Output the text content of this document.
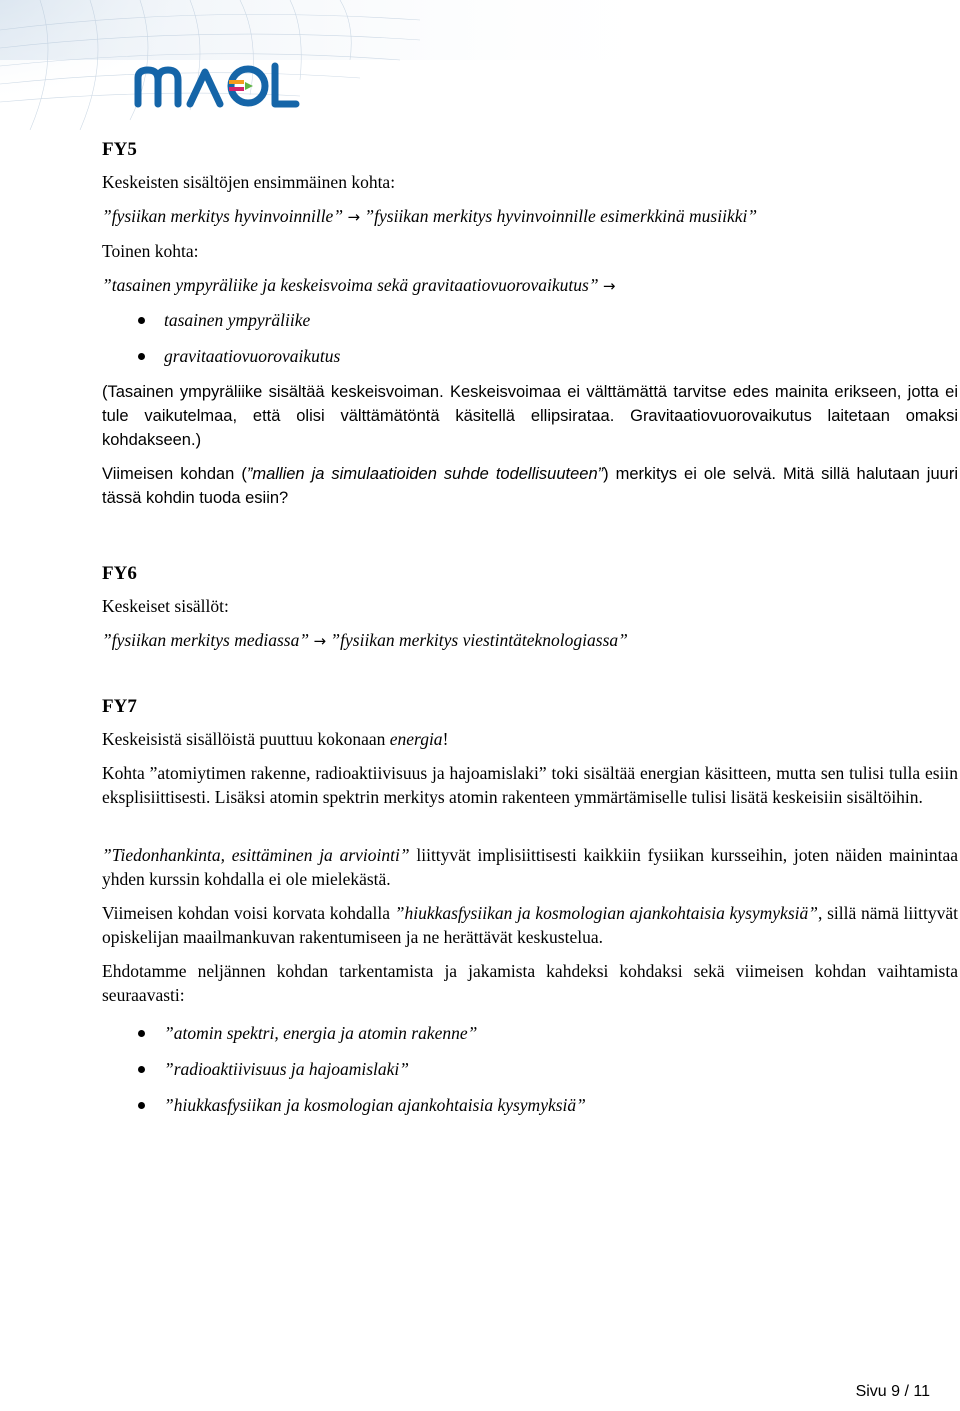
MAOL
FY5

Keskeisten sisältöjen ensimmäinen kohta:

”fysiikan merkitys hyvinvoinnille” → ”fysiikan merkitys hyvinvoinnille esimerkkinä musiikki”

Toinen kohta:

”tasainen ympyräliike ja keskeisvoima sekä gravitaatiovuorovaikutus” →

tasainen ympyräliike
gravitaatiovuorovaikutus

(Tasainen ympyräliike sisältää keskeisvoiman. Keskeisvoimaa ei välttämättä tarvitse edes mainita erikseen, jotta ei tule vaikutelmaa, että olisi välttämätöntä käsitellä ellipsirataa. Gravitaatiovuorovaikutus laitetaan omaksi kohdakseen.)

Viimeisen kohdan (”mallien ja simulaatioiden suhde todellisuuteen”) merkitys ei ole selvä. Mitä sillä halutaan juuri tässä kohdin tuoda esiin?

FY6

Keskeiset sisällöt:

”fysiikan merkitys mediassa” → ”fysiikan merkitys viestintäteknologiassa”

FY7

Keskeisistä sisällöistä puuttuu kokonaan energia!

Kohta ”atomiytimen rakenne, radioaktiivisuus ja hajoamislaki” toki sisältää energian käsitteen, mutta sen tulisi tulla esiin eksplisiittisesti. Lisäksi atomin spektrin merkitys atomin rakenteen ymmärtämiselle tulisi lisätä keskeisiin sisältöihin.

”Tiedonhankinta, esittäminen ja arviointi” liittyvät implisiittisesti kaikkiin fysiikan kursseihin, joten näiden mainintaa yhden kurssin kohdalla ei ole mielekästä.

Viimeisen kohdan voisi korvata kohdalla ”hiukkasfysiikan ja kosmologian ajankohtaisia kysymyksiä”, sillä nämä liittyvät opiskelijan maailmankuvan rakentumiseen ja ne herättävät keskustelua.

Ehdotamme neljännen kohdan tarkentamista ja jakamista kahdeksi kohdaksi sekä viimeisen kohdan vaihtamista seuraavasti:

”atomin spektri, energia ja atomin rakenne”
”radioaktiivisuus ja hajoamislaki”
”hiukkasfysiikan ja kosmologian ajankohtaisia kysymyksiä”
Sivu 9 / 11
